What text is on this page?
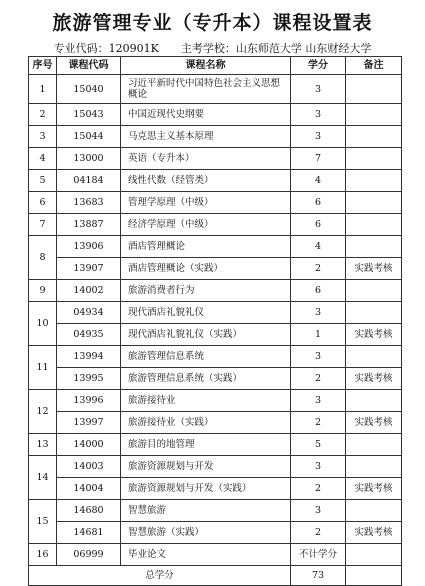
旅游管理专业（专升本）课程设置表
专业代码：120901K 主考学校：山东师范大学 山东财经大学
序号	课程代码	课程名称	学分	备注
1	15040	习近平新时代中国特色社会主义思想概论	3	
2	15043	中国近现代史纲要	3	
3	15044	马克思主义基本原理	3	
4	13000	英语（专升本）	7	
5	04184	线性代数（经管类）	4	
6	13683	管理学原理（中级）	6	
7	13887	经济学原理（中级）	6	
8	13906	酒店管理概论	4	
	13907	酒店管理概论（实践）	2	实践考核
9	14002	旅游消费者行为	6	
10	04934	现代酒店礼貌礼仪	3	
	04935	现代酒店礼貌礼仪（实践）	1	实践考核
11	13994	旅游管理信息系统	3	
	13995	旅游管理信息系统（实践）	2	实践考核
12	13996	旅游接待业	3	
	13997	旅游接待业（实践）	2	实践考核
13	14000	旅游目的地管理	5	
14	14003	旅游资源规划与开发	3	
	14004	旅游资源规划与开发（实践）	2	实践考核
15	14680	智慧旅游	3	
	14681	智慧旅游（实践）	2	实践考核
16	06999	毕业论文	不计学分	
总学分			73	
